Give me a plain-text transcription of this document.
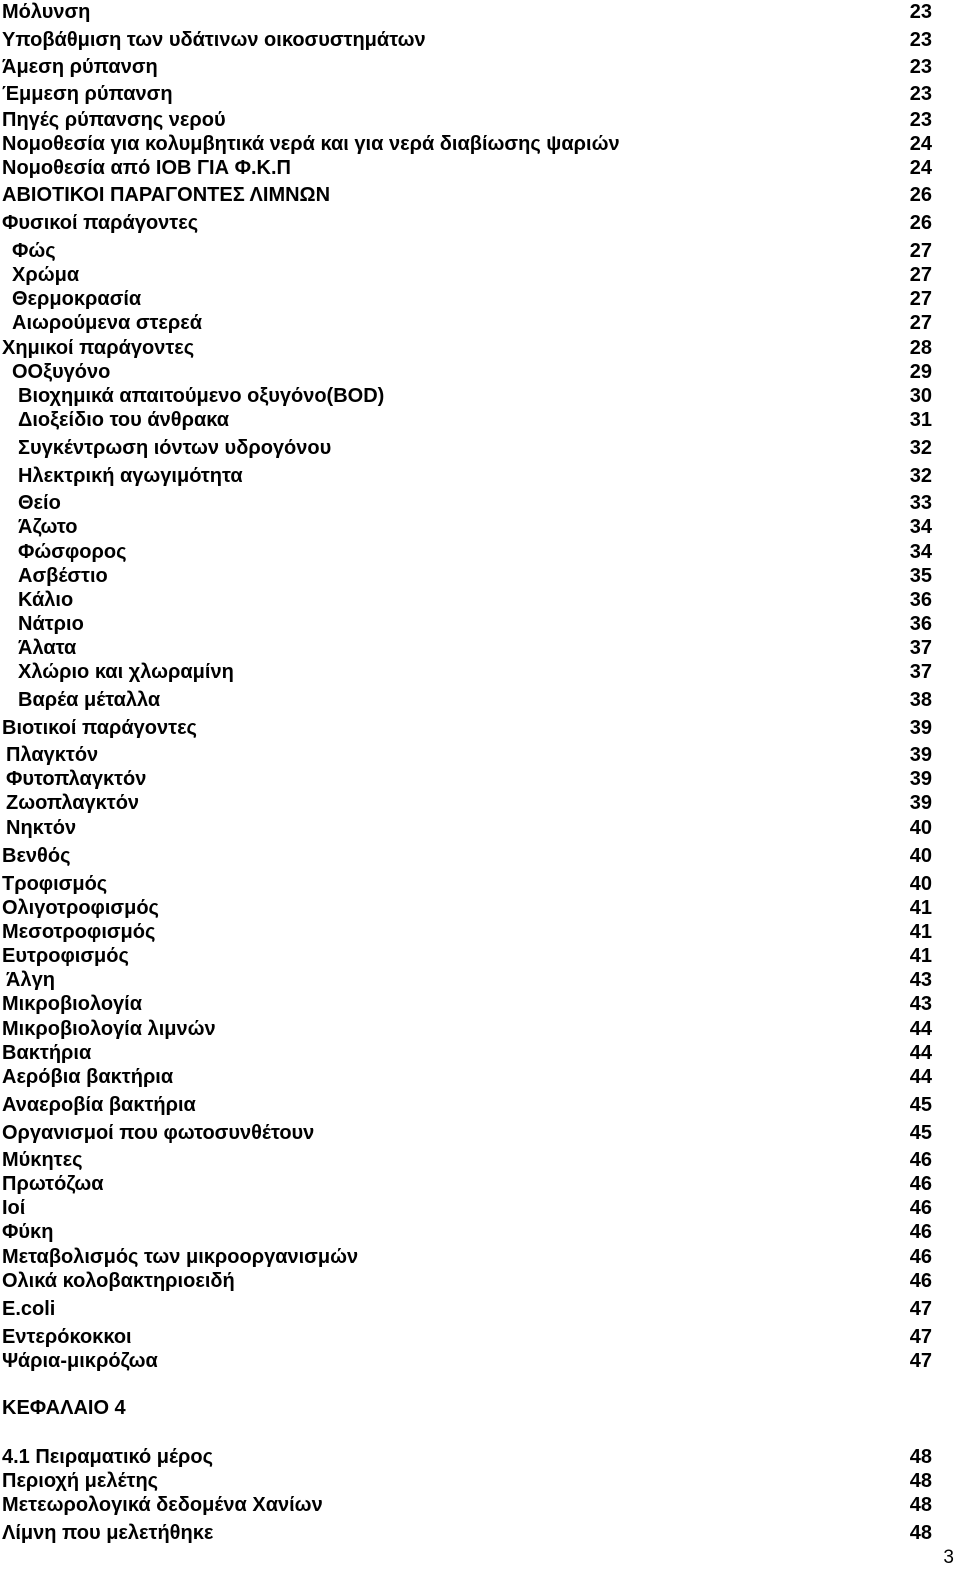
Μόλυνση	23
Υποβάθμιση των υδάτινων οικοσυστημάτων	23
Άμεση ρύπανση	23
Έμμεση ρύπανση	23
Πηγές ρύπανσης νερού	23
Νομοθεσία για κολυμβητικά νερά και για νερά διαβίωσης ψαριών	24
Νομοθεσία από ΙΟΒ ΓΙΑ Φ.Κ.Π	24
ΑΒΙΟΤΙΚΟΙ ΠΑΡΑΓΟΝΤΕΣ ΛΙΜΝΩΝ	26
Φυσικοί παράγοντες	26
Φώς	27
Χρώμα	27
Θερμοκρασία	27
Αιωρούμενα στερεά	27
Χημικοί παράγοντες	28
ΟΟξυγόνο	29
Βιοχημικά απαιτούμενο οξυγόνο(BOD)	30
Διοξείδιο του άνθρακα	31
Συγκέντρωση ιόντων υδρογόνου	32
Ηλεκτρική αγωγιμότητα	32
Θείο	33
Άζωτο	34
Φώσφορος	34
Ασβέστιο	35
Κάλιο	36
Νάτριο	36
Άλατα	37
Χλώριο και χλωραμίνη	37
Βαρέα μέταλλα	38
Βιοτικοί παράγοντες	39
Πλαγκτόν	39
Φυτοπλαγκτόν	39
Ζωοπλαγκτόν	39
Νηκτόν	40
Βενθός	40
Τροφισμός	40
Ολιγοτροφισμός	41
Μεσοτροφισμός	41
Ευτροφισμός	41
Άλγη	43
Μικροβιολογία	43
Μικροβιολογία λιμνών	44
Βακτήρια	44
Αερόβια βακτήρια	44
Αναεροβία βακτήρια	45
Οργανισμοί που φωτοσυνθέτουν	45
Μύκητες	46
Πρωτόζωα	46
Ιοί	46
Φύκη	46
Μεταβολισμός των μικροοργανισμών	46
Ολικά κολοβακτηριοειδή	46
E.coli	47
Εντερόκοκκοι	47
Ψάρια-μικρόζωα	47
ΚΕΦΑΛΑΙΟ 4
4.1 Πειραματικό μέρος	48
Περιοχή μελέτης	48
Μετεωρολογικά δεδομένα Χανίων	48
Λίμνη που μελετήθηκε	48
3
